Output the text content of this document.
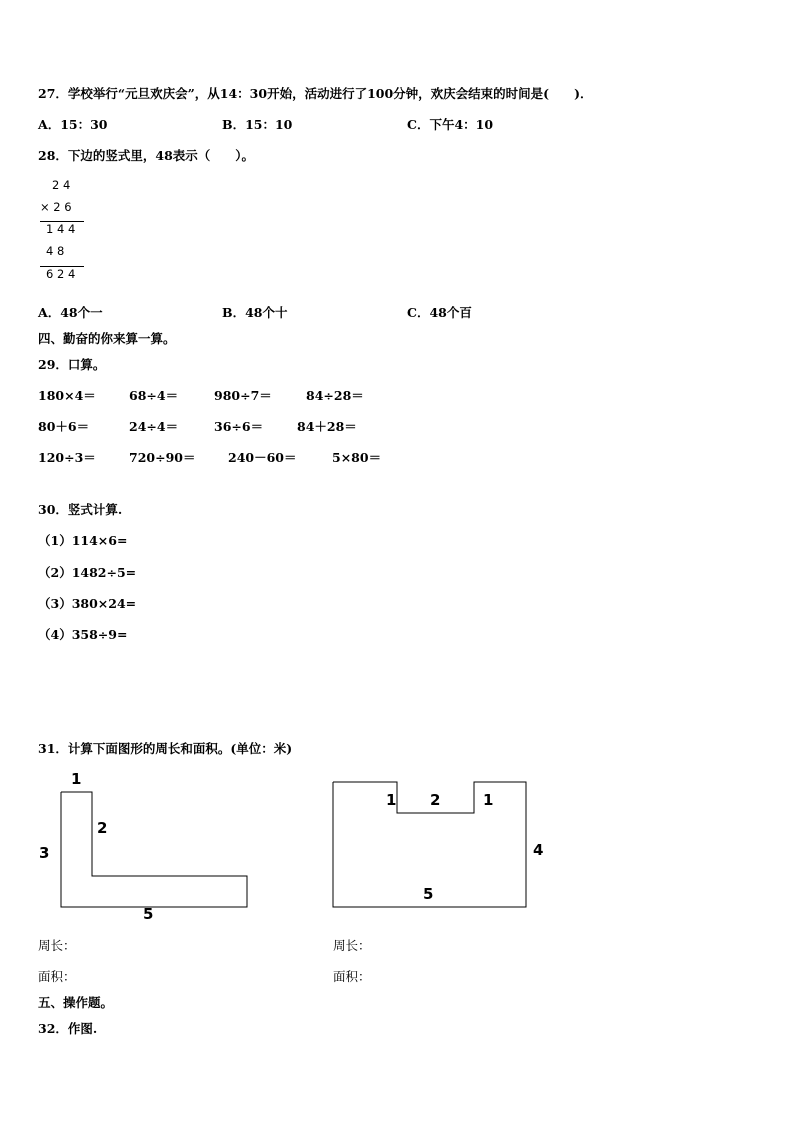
27．学校举行“元旦欢庆会”，从14：30开始，活动进行了100分钟，欢庆会结束的时间是(　　)．
A．15：30	B．15：10	C．下午4：10
28．下边的竖式里，48表示（　　）。
2 4
× 2 6
1 4 4
4 8
6 2 4
A．48个一	B．48个十	C．48个百
四、勤奋的你来算一算。
29．口算。
180×4＝	68÷4＝	980÷7＝	84÷28＝
80＋6＝	24÷4＝	36÷6＝	84＋28＝
120÷3＝	720÷90＝	240－60＝	5×80＝
30．竖式计算.
（1）114×6=
（2）1482÷5=
（3）380×24=
（4）358÷9=
31．计算下面图形的周长和面积。(单位：米)
1
2
3
5
1 2	1
4
5
周长：	周长：
面积：	面积：
五、操作题。
32．作图.
